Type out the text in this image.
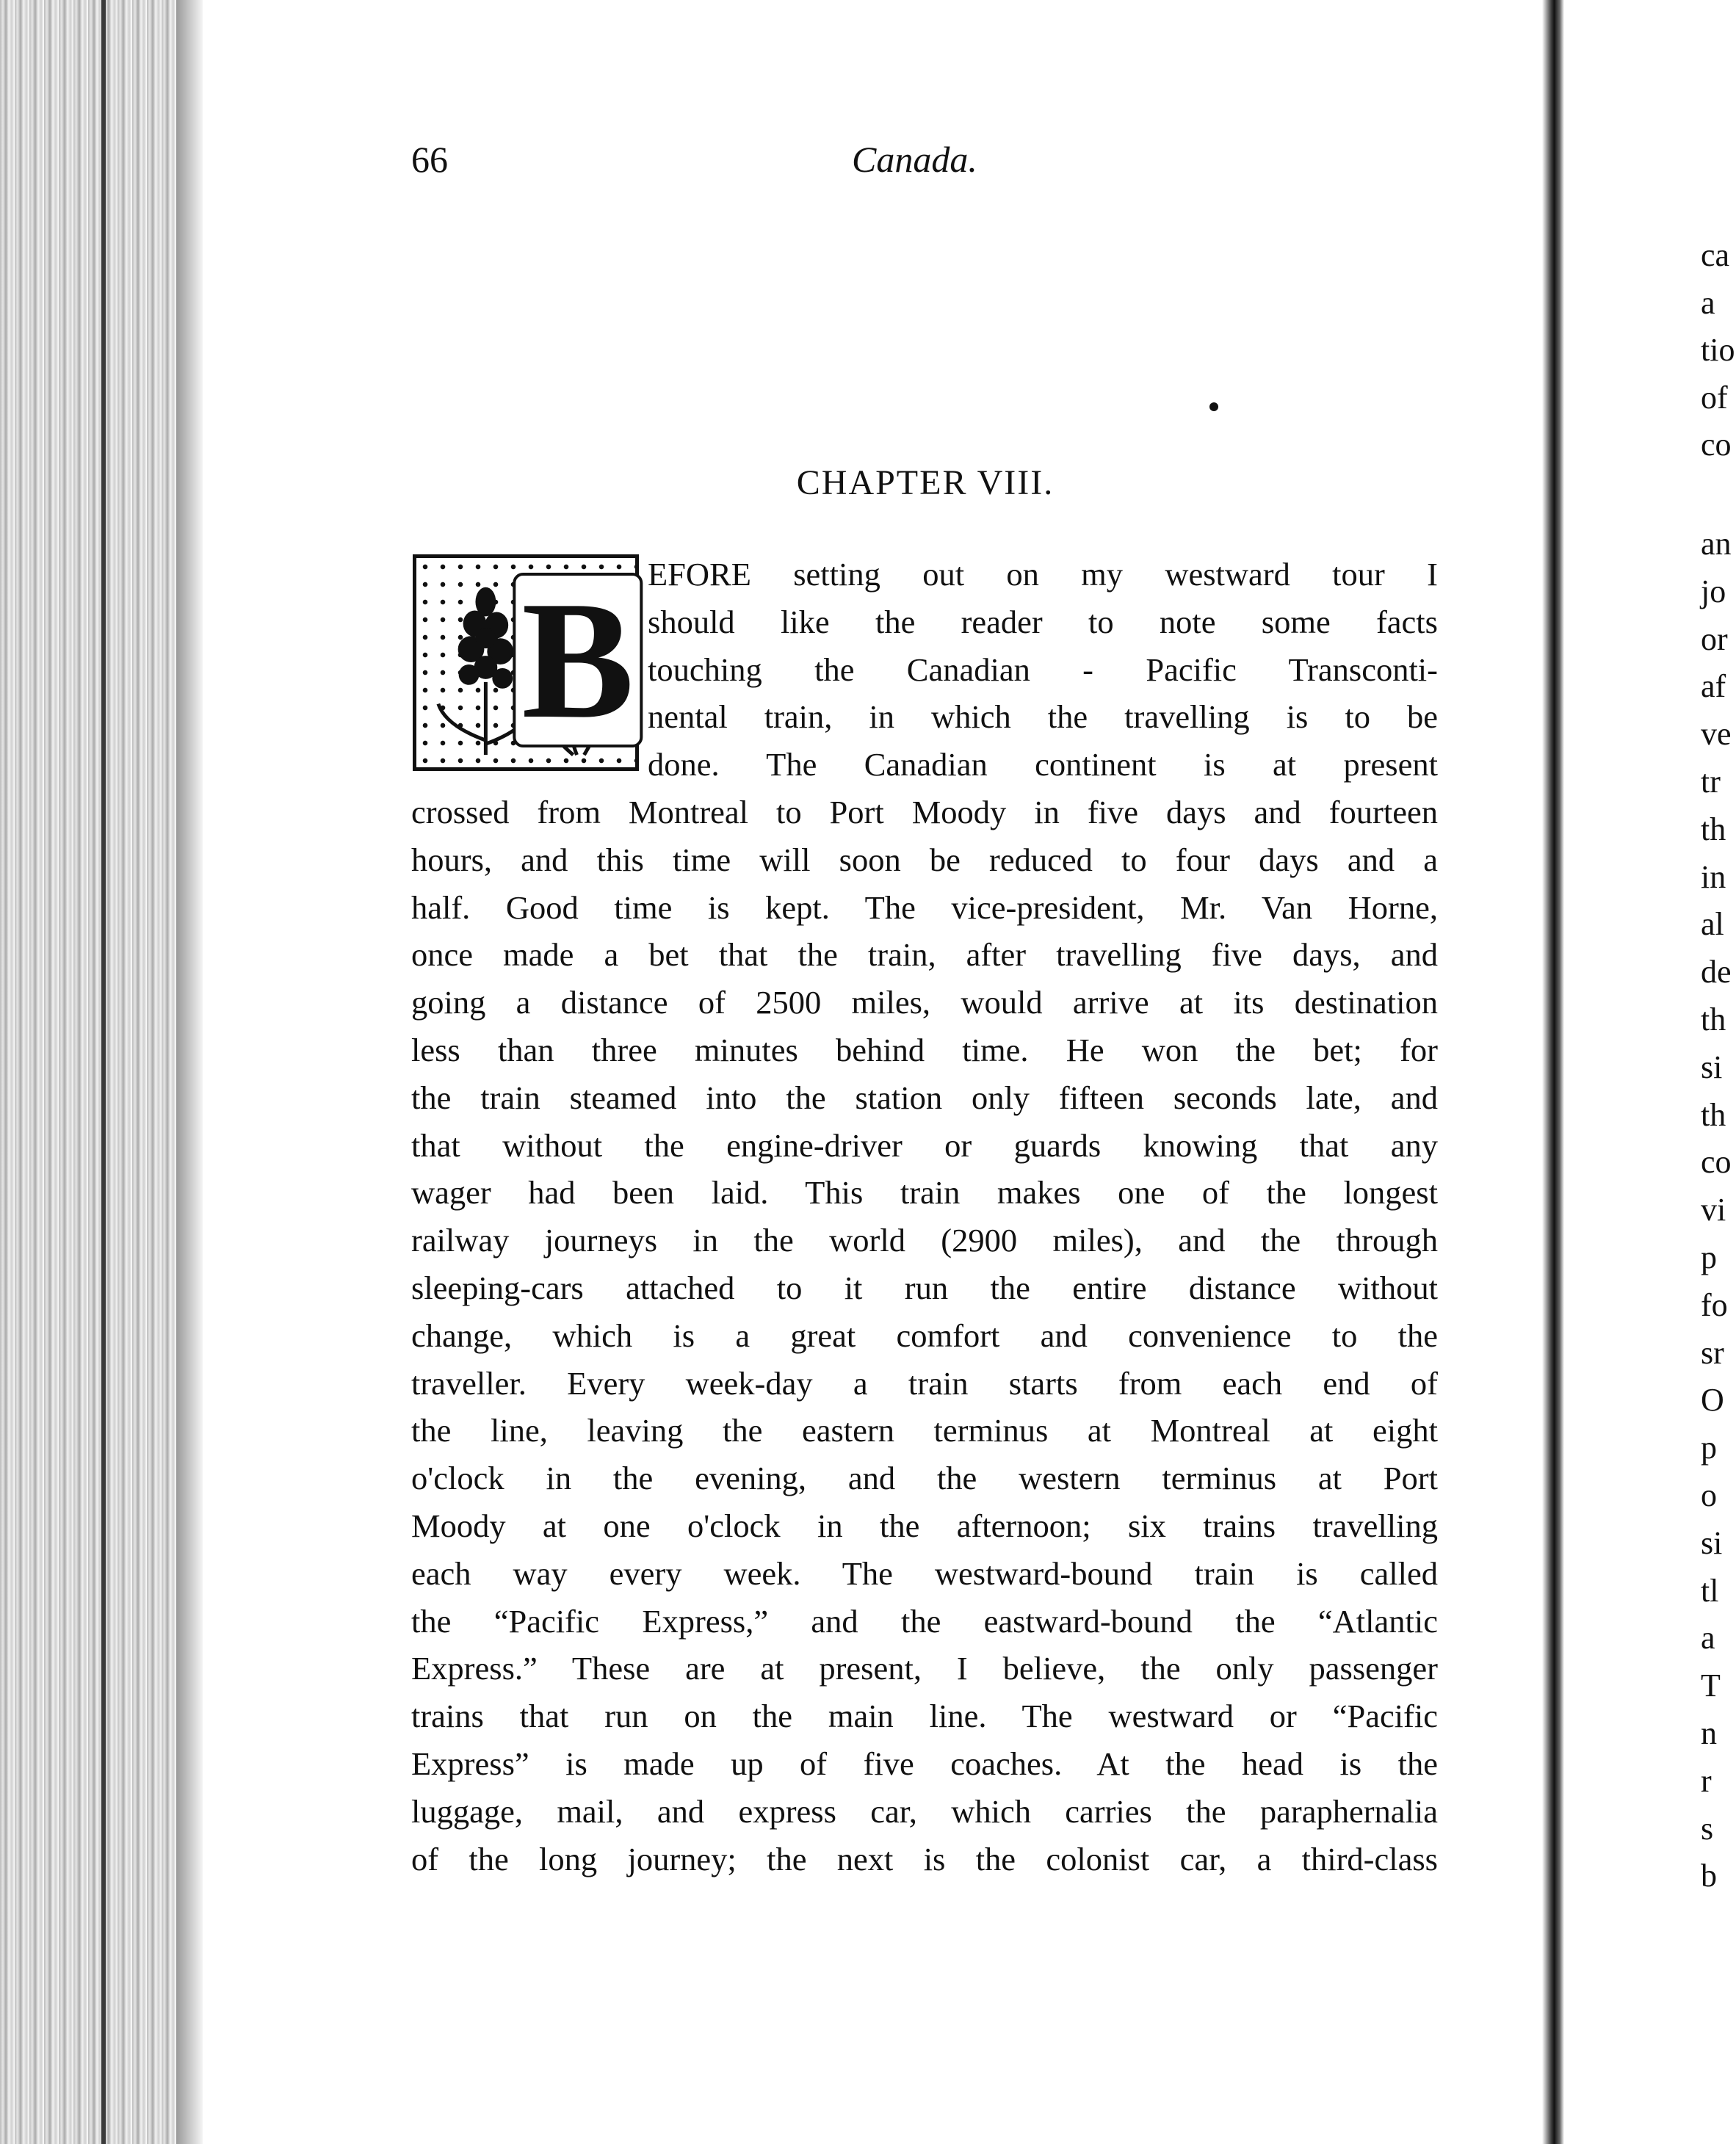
66	Canada.
CHAPTER VIII.
B EFORE setting out on my westward tour I
should like the reader to note some facts
touching the Canadian - Pacific Transconti-
nental train, in which the travelling is to be
done. The Canadian continent is at present
crossed from Montreal to Port Moody in five days and fourteen
hours, and this time will soon be reduced to four days and a
half. Good time is kept. The vice-president, Mr. Van Horne,
once made a bet that the train, after travelling five days, and
going a distance of 2500 miles, would arrive at its destination
less than three minutes behind time. He won the bet; for
the train steamed into the station only fifteen seconds late, and
that without the engine-driver or guards knowing that any
wager had been laid. This train makes one of the longest
railway journeys in the world (2900 miles), and the through
sleeping-cars attached to it run the entire distance without
change, which is a great comfort and convenience to the
traveller. Every week-day a train starts from each end of
the line, leaving the eastern terminus at Montreal at eight
o'clock in the evening, and the western terminus at Port
Moody at one o'clock in the afternoon; six trains travelling
each way every week. The westward-bound train is called
the “Pacific Express,” and the eastward-bound the “Atlantic
Express.” These are at present, I believe, the only passenger
trains that run on the main line. The westward or “Pacific
Express” is made up of five coaches. At the head is the
luggage, mail, and express car, which carries the paraphernalia
of the long journey; the next is the colonist car, a third-class
ca
a
tio
of
co
an
jo
or
af
ve
tr
th
in
al
de
th
si
th
co
vi
p
fo
sr
O
p
o
si
tl
a
T
n
r
s
b
